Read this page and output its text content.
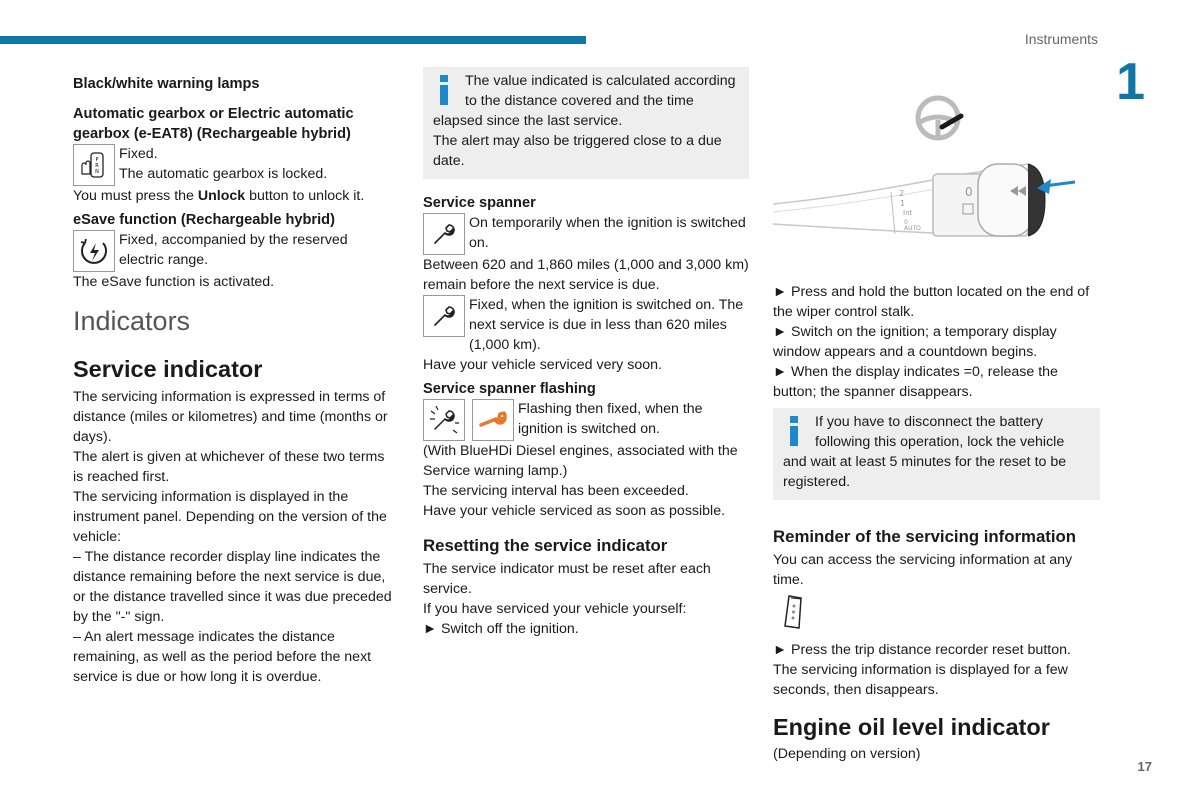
Instruments
1
17

Black/white warning lamps

Automatic gearbox or Electric automatic gearbox (e-EAT8) (Rechargeable hybrid)

P
R
N

Fixed.

The automatic gearbox is locked.

You must press the Unlock button to unlock it.

eSave function (Rechargeable hybrid)

Fixed, accompanied by the reserved electric range.

The eSave function is activated.

Indicators

Service indicator

The servicing information is expressed in terms of distance (miles or kilometres) and time (months or days).

The alert is given at whichever of these two terms is reached first.

The servicing information is displayed in the instrument panel. Depending on the version of the vehicle:

– The distance recorder display line indicates the distance remaining before the next service is due, or the distance travelled since it was due preceded by the "-" sign.

– An alert message indicates the distance remaining, as well as the period before the next service is due or how long it is overdue.

The value indicated is calculated according to the distance covered and the time elapsed since the last service.

The alert may also be triggered close to a due date.

Service spanner

On temporarily when the ignition is switched on.

Between 620 and 1,860 miles (1,000 and 3,000 km) remain before the next service is due.

Fixed, when the ignition is switched on. The next service is due in less than 620 miles (1,000 km).

Have your vehicle serviced very soon.

Service spanner flashing

Flashing then fixed, when the ignition is switched on.

(With BlueHDi Diesel engines, associated with the Service warning lamp.)

The servicing interval has been exceeded.

Have your vehicle serviced as soon as possible.

Resetting the service indicator

The service indicator must be reset after each service.

If you have serviced your vehicle yourself:

► Switch off the ignition.

2
1
Int
0
AUTO
0

► Press and hold the button located on the end of the wiper control stalk.

► Switch on the ignition; a temporary display window appears and a countdown begins.

► When the display indicates =0, release the button; the spanner disappears.

If you have to disconnect the battery following this operation, lock the vehicle and wait at least 5 minutes for the reset to be registered.

Reminder of the servicing information

You can access the servicing information at any time.

► Press the trip distance recorder reset button.

The servicing information is displayed for a few seconds, then disappears.

Engine oil level indicator

(Depending on version)
